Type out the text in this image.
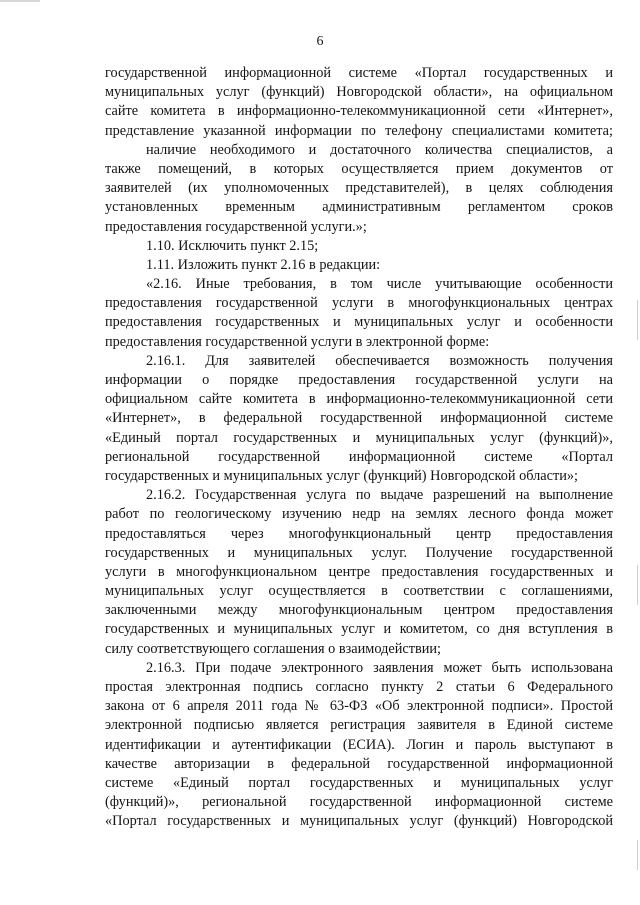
6
государственной информационной системе «Портал государственных и
муниципальных услуг (функций) Новгородской области», на официальном
сайте комитета в информационно-телекоммуникационной сети «Интернет»,
представление указанной информации по телефону специалистами комитета;
наличие необходимого и достаточного количества специалистов, а
также помещений, в которых осуществляется прием документов от
заявителей (их уполномоченных представителей), в целях соблюдения
установленных временным административным регламентом сроков
предоставления государственной услуги.»;
1.10. Исключить пункт 2.15;
1.11. Изложить пункт 2.16 в редакции:
«2.16. Иные требования, в том числе учитывающие особенности
предоставления государственной услуги в многофункциональных центрах
предоставления государственных и муниципальных услуг и особенности
предоставления государственной услуги в электронной форме:
2.16.1. Для заявителей обеспечивается возможность получения
информации о порядке предоставления государственной услуги на
официальном сайте комитета в информационно-телекоммуникационной сети
«Интернет», в федеральной государственной информационной системе
«Единый портал государственных и муниципальных услуг (функций)»,
региональной государственной информационной системе «Портал
государственных и муниципальных услуг (функций) Новгородской области»;
2.16.2. Государственная услуга по выдаче разрешений на выполнение
работ по геологическому изучению недр на землях лесного фонда может
предоставляться через многофункциональный центр предоставления
государственных и муниципальных услуг. Получение государственной
услуги в многофункциональном центре предоставления государственных и
муниципальных услуг осуществляется в соответствии с соглашениями,
заключенными между многофункциональным центром предоставления
государственных и муниципальных услуг и комитетом, со дня вступления в
силу соответствующего соглашения о взаимодействии;
2.16.3. При подаче электронного заявления может быть использована
простая электронная подпись согласно пункту 2 статьи 6 Федерального
закона от 6 апреля 2011 года № 63-ФЗ «Об электронной подписи». Простой
электронной подписью является регистрация заявителя в Единой системе
идентификации и аутентификации (ЕСИА). Логин и пароль выступают в
качестве авторизации в федеральной государственной информационной
системе «Единый портал государственных и муниципальных услуг
(функций)», региональной государственной информационной системе
«Портал государственных и муниципальных услуг (функций) Новгородской
